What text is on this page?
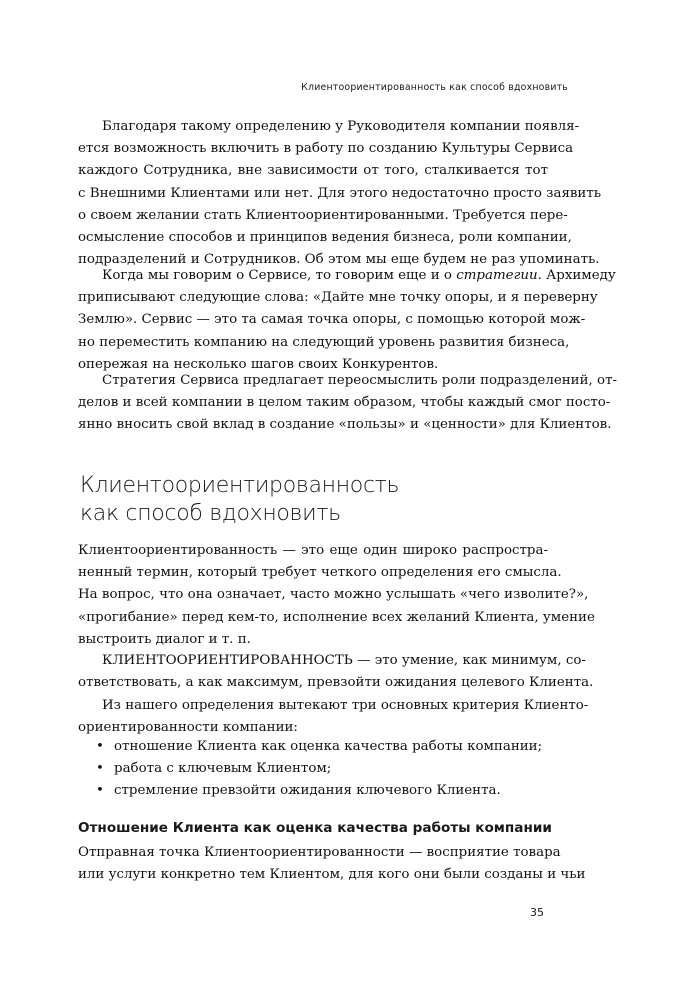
Клиентоориентированность как способ вдохновить
Благодаря такому определению у Руководителя компании появля-
ется возможность включить в работу по созданию Культуры Сервиса
каждого Сотрудника, вне зависимости от того, сталкивается тот
с Внешними Клиентами или нет. Для этого недостаточно просто заявить
о своем желании стать Клиентоориентированными. Требуется пере-
осмысление способов и принципов ведения бизнеса, роли компании,
подразделений и Сотрудников. Об этом мы еще будем не раз упоминать.
Когда мы говорим о Сервисе, то говорим еще и о стратегии. Архимеду
приписывают следующие слова: «Дайте мне точку опоры, и я переверну
Землю». Сервис — это та самая точка опоры, с помощью которой мож-
но переместить компанию на следующий уровень развития бизнеса,
опережая на несколько шагов своих Конкурентов.
Стратегия Сервиса предлагает переосмыслить роли подразделений, от-
делов и всей компании в целом таким образом, чтобы каждый смог посто-
янно вносить свой вклад в создание «пользы» и «ценности» для Клиентов.
Клиентоориентированность
как способ вдохновить
Клиентоориентированность — это еще один широко распростра-
ненный термин, который требует четкого определения его смысла.
На вопрос, что она означает, часто можно услышать «чего изволите?»,
«прогибание» перед кем-то, исполнение всех желаний Клиента, умение
выстроить диалог и т. п.
КЛИЕНТООРИЕНТИРОВАННОСТЬ — это умение, как минимум, со-
ответствовать, а как максимум, превзойти ожидания целевого Клиента.
Из нашего определения вытекают три основных критерия Клиенто-
ориентированности компании:
• отношение Клиента как оценка качества работы компании;
• работа с ключевым Клиентом;
• стремление превзойти ожидания ключевого Клиента.
Отношение Клиента как оценка качества работы компании
Отправная точка Клиентоориентированности — восприятие товара
или услуги конкретно тем Клиентом, для кого они были созданы и чьи
35
